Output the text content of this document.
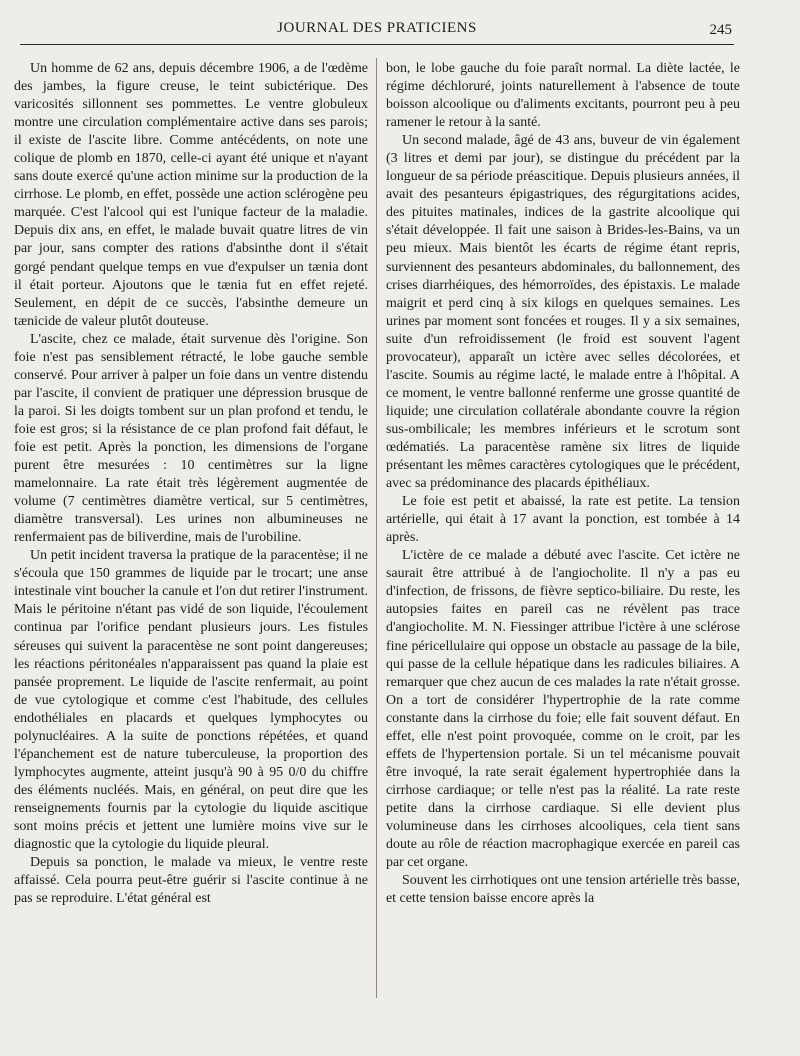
JOURNAL DES PRATICIENS	245

Un homme de 62 ans, depuis décembre 1906, a de l'œdème des jambes, la figure creuse, le teint subictérique. Des varicosités sillonnent ses pommettes. Le ventre globuleux montre une circulation complémentaire active dans ses parois; il existe de l'ascite libre. Comme antécédents, on note une colique de plomb en 1870, celle-ci ayant été unique et n'ayant sans doute exercé qu'une action minime sur la production de la cirrhose. Le plomb, en effet, possède une action sclérogène peu marquée. C'est l'alcool qui est l'unique facteur de la maladie. Depuis dix ans, en effet, le malade buvait quatre litres de vin par jour, sans compter des rations d'absinthe dont il s'était gorgé pendant quelque temps en vue d'expulser un tænia dont il était porteur. Ajoutons que le tænia fut en effet rejeté. Seulement, en dépit de ce succès, l'absinthe demeure un tænicide de valeur plutôt douteuse.

L'ascite, chez ce malade, était survenue dès l'origine. Son foie n'est pas sensiblement rétracté, le lobe gauche semble conservé. Pour arriver à palper un foie dans un ventre distendu par l'ascite, il convient de pratiquer une dépression brusque de la paroi. Si les doigts tombent sur un plan profond et tendu, le foie est gros; si la résistance de ce plan profond fait défaut, le foie est petit. Après la ponction, les dimensions de l'organe purent être mesurées : 10 centimètres sur la ligne mamelonnaire. La rate était très légèrement augmentée de volume (7 centimètres diamètre vertical, sur 5 centimètres, diamètre transversal). Les urines non albumineuses ne renfermaient pas de biliverdine, mais de l'urobiline.

Un petit incident traversa la pratique de la paracentèse; il ne s'écoula que 150 grammes de liquide par le trocart; une anse intestinale vint boucher la canule et l'on dut retirer l'instrument. Mais le péritoine n'étant pas vidé de son liquide, l'écoulement continua par l'orifice pendant plusieurs jours. Les fistules séreuses qui suivent la paracentèse ne sont point dangereuses; les réactions péritonéales n'apparaissent pas quand la plaie est pansée proprement. Le liquide de l'ascite renfermait, au point de vue cytologique et comme c'est l'habitude, des cellules endothéliales en placards et quelques lymphocytes ou polynucléaires. A la suite de ponctions répétées, et quand l'épanchement est de nature tuberculeuse, la proportion des lymphocytes augmente, atteint jusqu'à 90 à 95 0/0 du chiffre des éléments nucléés. Mais, en général, on peut dire que les renseignements fournis par la cytologie du liquide ascitique sont moins précis et jettent une lumière moins vive sur le diagnostic que la cytologie du liquide pleural.

Depuis sa ponction, le malade va mieux, le ventre reste affaissé. Cela pourra peut-être guérir si l'ascite continue à ne pas se reproduire. L'état général est

bon, le lobe gauche du foie paraît normal. La diète lactée, le régime déchloruré, joints naturellement à l'absence de toute boisson alcoolique ou d'aliments excitants, pourront peu à peu ramener le retour à la santé.

Un second malade, âgé de 43 ans, buveur de vin également (3 litres et demi par jour), se distingue du précédent par la longueur de sa période préascitique. Depuis plusieurs années, il avait des pesanteurs épigastriques, des régurgitations acides, des pituites matinales, indices de la gastrite alcoolique qui s'était développée. Il fait une saison à Brides-les-Bains, va un peu mieux. Mais bientôt les écarts de régime étant repris, surviennent des pesanteurs abdominales, du ballonnement, des crises diarrhéiques, des hémorroïdes, des épistaxis. Le malade maigrit et perd cinq à six kilogs en quelques semaines. Les urines par moment sont foncées et rouges. Il y a six semaines, suite d'un refroidissement (le froid est souvent l'agent provocateur), apparaît un ictère avec selles décolorées, et l'ascite. Soumis au régime lacté, le malade entre à l'hôpital. A ce moment, le ventre ballonné renferme une grosse quantité de liquide; une circulation collatérale abondante couvre la région sus-ombilicale; les membres inférieurs et le scrotum sont œdématiés. La paracentèse ramène six litres de liquide présentant les mêmes caractères cytologiques que le précédent, avec sa prédominance des placards épithéliaux.

Le foie est petit et abaissé, la rate est petite. La tension artérielle, qui était à 17 avant la ponction, est tombée à 14 après.

L'ictère de ce malade a débuté avec l'ascite. Cet ictère ne saurait être attribué à de l'angiocholite. Il n'y a pas eu d'infection, de frissons, de fièvre septico-biliaire. Du reste, les autopsies faites en pareil cas ne révèlent pas trace d'angiocholite. M. N. Fiessinger attribue l'ictère à une sclérose fine péricellulaire qui oppose un obstacle au passage de la bile, qui passe de la cellule hépatique dans les radicules biliaires. A remarquer que chez aucun de ces malades la rate n'était grosse. On a tort de considérer l'hypertrophie de la rate comme constante dans la cirrhose du foie; elle fait souvent défaut. En effet, elle n'est point provoquée, comme on le croit, par les effets de l'hypertension portale. Si un tel mécanisme pouvait être invoqué, la rate serait également hypertrophiée dans la cirrhose cardiaque; or telle n'est pas la réalité. La rate reste petite dans la cirrhose cardiaque. Si elle devient plus volumineuse dans les cirrhoses alcooliques, cela tient sans doute au rôle de réaction macrophagique exercée en pareil cas par cet organe.

Souvent les cirrhotiques ont une tension artérielle très basse, et cette tension baisse encore après la
